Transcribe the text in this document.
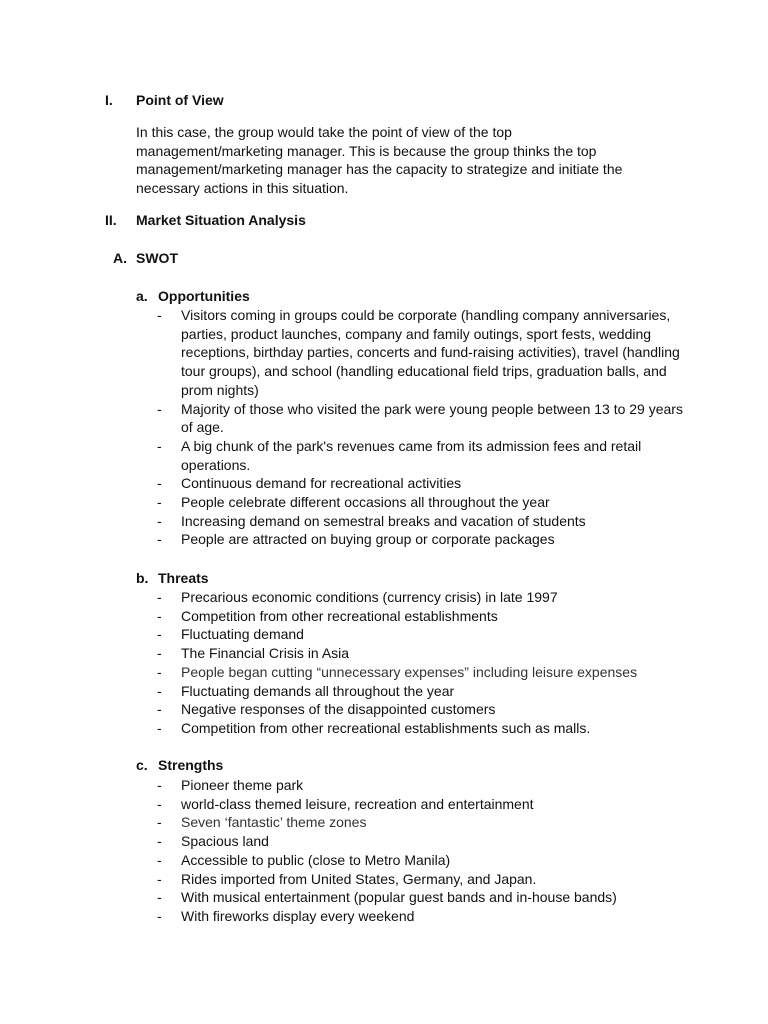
I. Point of View
In this case, the group would take the point of view of the top management/marketing manager. This is because the group thinks the top management/marketing manager has the capacity to strategize and initiate the necessary actions in this situation.
II. Market Situation Analysis
A. SWOT
a. Opportunities
- Visitors coming in groups could be corporate (handling company anniversaries, parties, product launches, company and family outings, sport fests, wedding receptions, birthday parties, concerts and fund-raising activities), travel (handling tour groups), and school (handling educational field trips, graduation balls, and prom nights)
- Majority of those who visited the park were young people between 13 to 29 years of age.
- A big chunk of the park's revenues came from its admission fees and retail operations.
- Continuous demand for recreational activities
- People celebrate different occasions all throughout the year
- Increasing demand on semestral breaks and vacation of students
- People are attracted on buying group or corporate packages
b. Threats
- Precarious economic conditions (currency crisis) in late 1997
- Competition from other recreational establishments
- Fluctuating demand
- The Financial Crisis in Asia
- People began cutting “unnecessary expenses” including leisure expenses
- Fluctuating demands all throughout the year
- Negative responses of the disappointed customers
- Competition from other recreational establishments such as malls.
c. Strengths
- Pioneer theme park
- world-class themed leisure, recreation and entertainment
- Seven ‘fantastic’ theme zones
- Spacious land
- Accessible to public (close to Metro Manila)
- Rides imported from United States, Germany, and Japan.
- With musical entertainment (popular guest bands and in-house bands)
- With fireworks display every weekend
